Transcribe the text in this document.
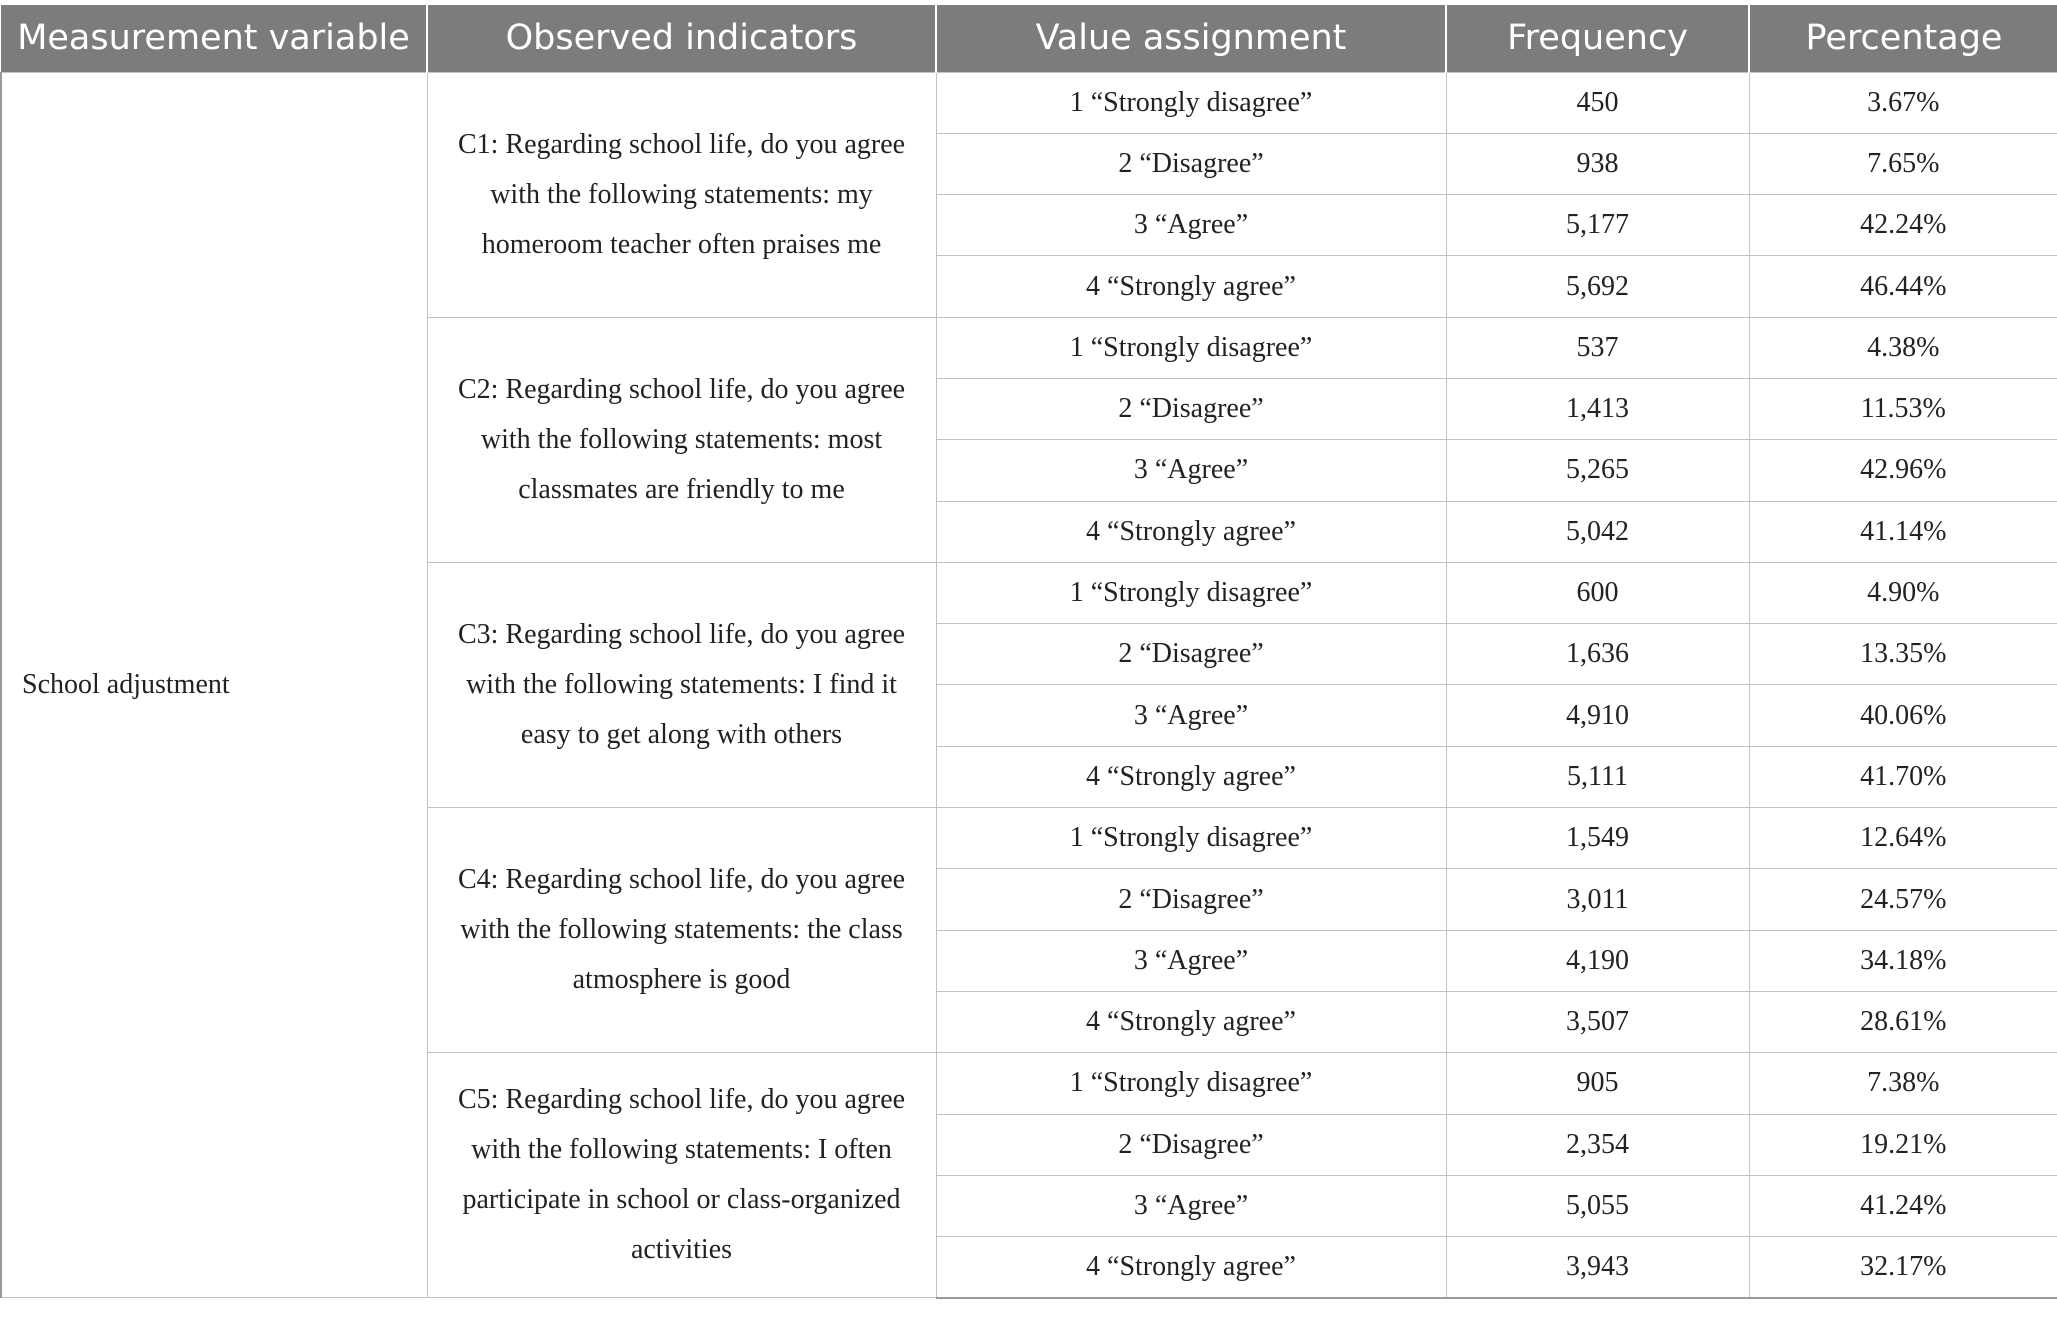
Measurement variable	Observed indicators	Value assignment	Frequency	Percentage
School adjustment	C1: Regarding school life, do you agree with the following statements: my homeroom teacher often praises me	1 “Strongly disagree”	450	3.67%
		2 “Disagree”	938	7.65%
		3 “Agree”	5,177	42.24%
		4 “Strongly agree”	5,692	46.44%
	C2: Regarding school life, do you agree with the following statements: most classmates are friendly to me	1 “Strongly disagree”	537	4.38%
		2 “Disagree”	1,413	11.53%
		3 “Agree”	5,265	42.96%
		4 “Strongly agree”	5,042	41.14%
	C3: Regarding school life, do you agree with the following statements: I find it easy to get along with others	1 “Strongly disagree”	600	4.90%
		2 “Disagree”	1,636	13.35%
		3 “Agree”	4,910	40.06%
		4 “Strongly agree”	5,111	41.70%
	C4: Regarding school life, do you agree with the following statements: the class atmosphere is good	1 “Strongly disagree”	1,549	12.64%
		2 “Disagree”	3,011	24.57%
		3 “Agree”	4,190	34.18%
		4 “Strongly agree”	3,507	28.61%
	C5: Regarding school life, do you agree with the following statements: I often participate in school or class-organized activities	1 “Strongly disagree”	905	7.38%
		2 “Disagree”	2,354	19.21%
		3 “Agree”	5,055	41.24%
		4 “Strongly agree”	3,943	32.17%
